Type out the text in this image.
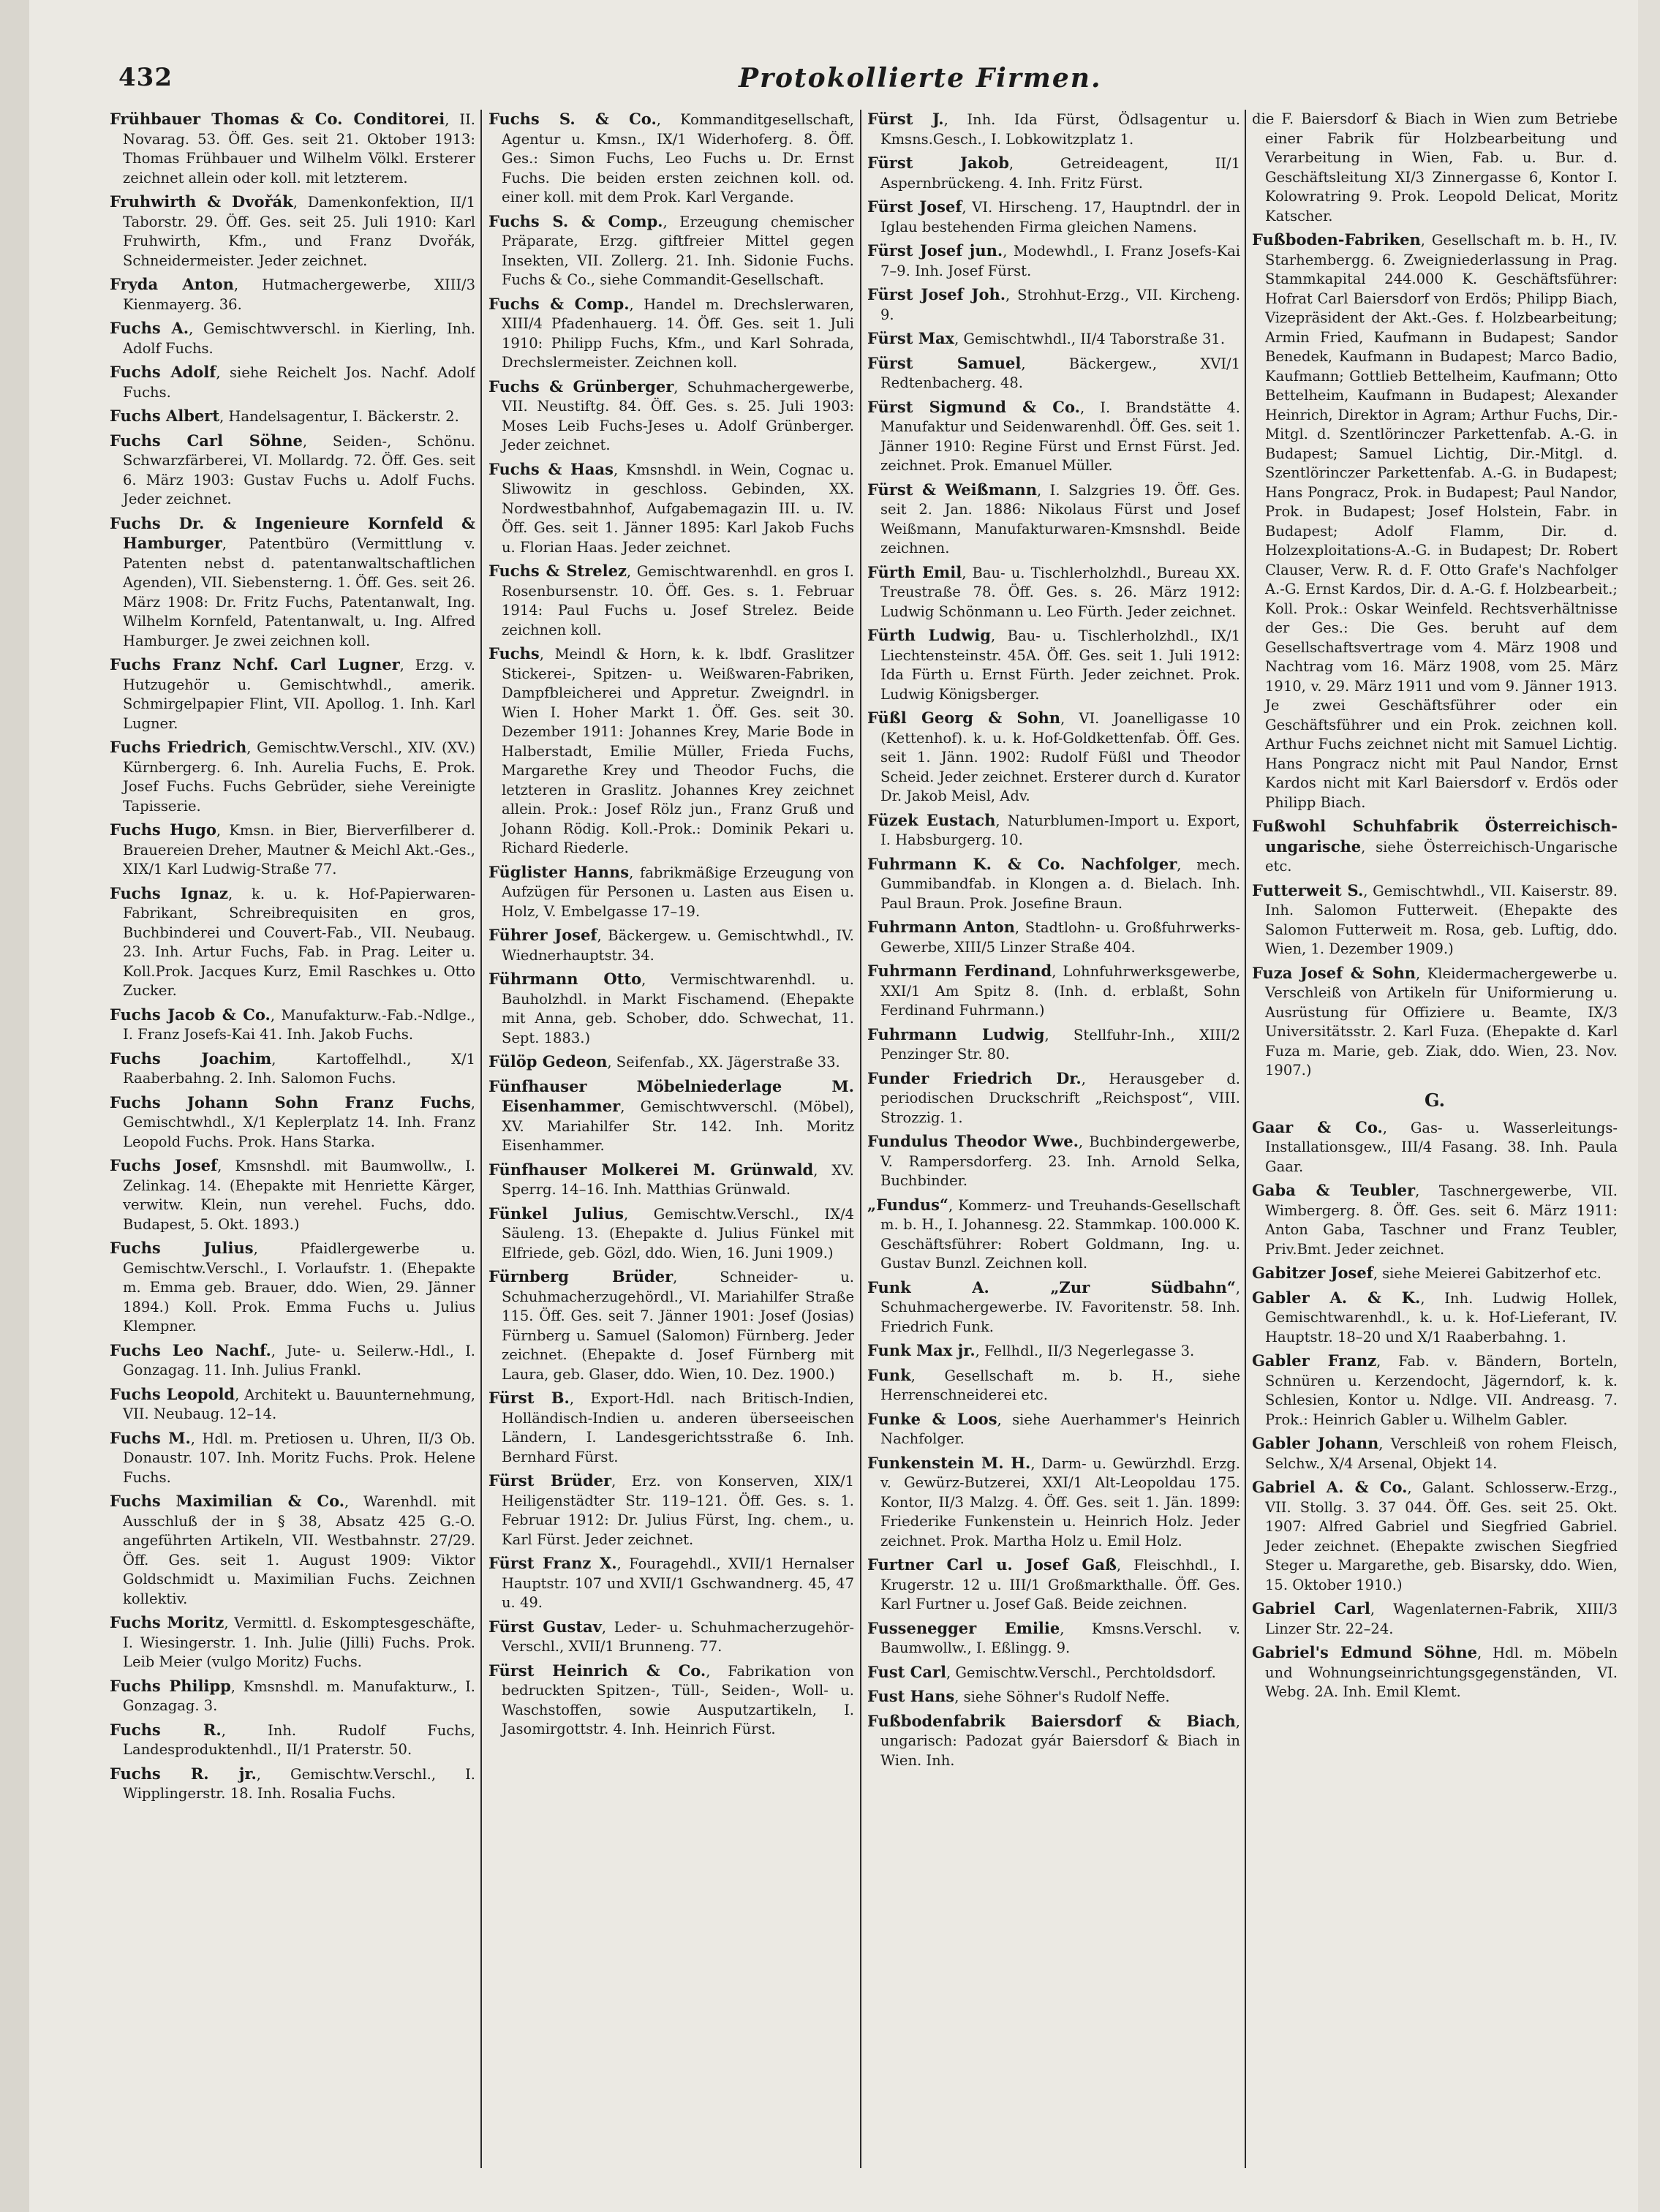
432	Protokollierte Firmen.
Frühbauer Thomas & Co. Conditorei, II. Novarag. 53. Öff. Ges. seit 21. Oktober 1913: Thomas Frühbauer und Wilhelm Völkl. Ersterer zeichnet allein oder koll. mit letzterem.
Fruhwirth & Dvořák, Damenkonfektion, II/1 Taborstr. 29. Öff. Ges. seit 25. Juli 1910: Karl Fruhwirth, Kfm., und Franz Dvořák, Schneidermeister. Jeder zeichnet.
Fryda Anton, Hutmachergewerbe, XIII/3 Kienmayerg. 36.
Fuchs A., Gemischtwverschl. in Kierling, Inh. Adolf Fuchs.
Fuchs Adolf, siehe Reichelt Jos. Nachf. Adolf Fuchs.
Fuchs Albert, Handelsagentur, I. Bäckerstr. 2.
Fuchs Carl Söhne, Seiden-, Schönu. Schwarzfärberei, VI. Mollardg. 72. Öff. Ges. seit 6. März 1903: Gustav Fuchs u. Adolf Fuchs. Jeder zeichnet.
Fuchs Dr. & Ingenieure Kornfeld & Hamburger, Patentbüro (Vermittlung v. Patenten nebst d. patentanwaltschaftlichen Agenden), VII. Siebensterng. 1. Öff. Ges. seit 26. März 1908: Dr. Fritz Fuchs, Patentanwalt, Ing. Wilhelm Kornfeld, Patentanwalt, u. Ing. Alfred Hamburger. Je zwei zeichnen koll.
Fuchs Franz Nchf. Carl Lugner, Erzg. v. Hutzugehör u. Gemischtwhdl., amerik. Schmirgelpapier Flint, VII. Apollog. 1. Inh. Karl Lugner.
Fuchs Friedrich, Gemischtw.Verschl., XIV. (XV.) Kürnbergerg. 6. Inh. Aurelia Fuchs, E. Prok. Josef Fuchs. Fuchs Gebrüder, siehe Vereinigte Tapisserie.
Fuchs Hugo, Kmsn. in Bier, Bierverfilberer d. Brauereien Dreher, Mautner & Meichl Akt.-Ges., XIX/1 Karl Ludwig-Straße 77.
Fuchs Ignaz, k. u. k. Hof-Papierwaren-Fabrikant, Schreibrequisiten en gros, Buchbinderei und Couvert-Fab., VII. Neubaug. 23. Inh. Artur Fuchs, Fab. in Prag. Leiter u. Koll.Prok. Jacques Kurz, Emil Raschkes u. Otto Zucker.
Fuchs Jacob & Co., Manufakturw.-Fab.-Ndlge., I. Franz Josefs-Kai 41. Inh. Jakob Fuchs.
Fuchs Joachim, Kartoffelhdl., X/1 Raaberbahng. 2. Inh. Salomon Fuchs.
Fuchs Johann Sohn Franz Fuchs, Gemischtwhdl., X/1 Keplerplatz 14. Inh. Franz Leopold Fuchs. Prok. Hans Starka.
Fuchs Josef, Kmsnshdl. mit Baumwollw., I. Zelinkag. 14. (Ehepakte mit Henriette Kärger, verwitw. Klein, nun verehel. Fuchs, ddo. Budapest, 5. Okt. 1893.)
Fuchs Julius, Pfaidlergewerbe u. Gemischtw.Verschl., I. Vorlaufstr. 1. (Ehepakte m. Emma geb. Brauer, ddo. Wien, 29. Jänner 1894.) Koll. Prok. Emma Fuchs u. Julius Klempner.
Fuchs Leo Nachf., Jute- u. Seilerw.-Hdl., I. Gonzagag. 11. Inh. Julius Frankl.
Fuchs Leopold, Architekt u. Bauunternehmung, VII. Neubaug. 12–14.
Fuchs M., Hdl. m. Pretiosen u. Uhren, II/3 Ob. Donaustr. 107. Inh. Moritz Fuchs. Prok. Helene Fuchs.
Fuchs Maximilian & Co., Warenhdl. mit Ausschluß der in § 38, Absatz 425 G.-O. angeführten Artikeln, VII. Westbahnstr. 27/29. Öff. Ges. seit 1. August 1909: Viktor Goldschmidt u. Maximilian Fuchs. Zeichnen kollektiv.
Fuchs Moritz, Vermittl. d. Eskomptesgeschäfte, I. Wiesingerstr. 1. Inh. Julie (Jilli) Fuchs. Prok. Leib Meier (vulgo Moritz) Fuchs.
Fuchs Philipp, Kmsnshdl. m. Manufakturw., I. Gonzagag. 3.
Fuchs R., Inh. Rudolf Fuchs, Landesproduktenhdl., II/1 Praterstr. 50.
Fuchs R. jr., Gemischtw.Verschl., I. Wipplingerstr. 18. Inh. Rosalia Fuchs.
Fuchs S. & Co., Kommanditgesellschaft, Agentur u. Kmsn., IX/1 Widerhoferg. 8. Öff. Ges.: Simon Fuchs, Leo Fuchs u. Dr. Ernst Fuchs. Die beiden ersten zeichnen koll. od. einer koll. mit dem Prok. Karl Vergande.
Fuchs S. & Comp., Erzeugung chemischer Präparate, Erzg. giftfreier Mittel gegen Insekten, VII. Zollerg. 21. Inh. Sidonie Fuchs. Fuchs & Co., siehe Commandit-Gesellschaft.
Fuchs & Comp., Handel m. Drechslerwaren, XIII/4 Pfadenhauerg. 14. Öff. Ges. seit 1. Juli 1910: Philipp Fuchs, Kfm., und Karl Sohrada, Drechslermeister. Zeichnen koll.
Fuchs & Grünberger, Schuhmachergewerbe, VII. Neustiftg. 84. Öff. Ges. s. 25. Juli 1903: Moses Leib Fuchs-Jeses u. Adolf Grünberger. Jeder zeichnet.
Fuchs & Haas, Kmsnshdl. in Wein, Cognac u. Sliwowitz in geschloss. Gebinden, XX. Nordwestbahnhof, Aufgabemagazin III. u. IV. Öff. Ges. seit 1. Jänner 1895: Karl Jakob Fuchs u. Florian Haas. Jeder zeichnet.
Fuchs & Strelez, Gemischtwarenhdl. en gros I. Rosenbursenstr. 10. Öff. Ges. s. 1. Februar 1914: Paul Fuchs u. Josef Strelez. Beide zeichnen koll.
Fuchs, Meindl & Horn, k. k. lbdf. Graslitzer Stickerei-, Spitzen- u. Weißwaren-Fabriken, Dampfbleicherei und Appretur. Zweigndrl. in Wien I. Hoher Markt 1. Öff. Ges. seit 30. Dezember 1911: Johannes Krey, Marie Bode in Halberstadt, Emilie Müller, Frieda Fuchs, Margarethe Krey und Theodor Fuchs, die letzteren in Graslitz. Johannes Krey zeichnet allein. Prok.: Josef Rölz jun., Franz Gruß und Johann Rödig. Koll.-Prok.: Dominik Pekari u. Richard Riederle.
Füglister Hanns, fabrikmäßige Erzeugung von Aufzügen für Personen u. Lasten aus Eisen u. Holz, V. Embelgasse 17–19.
Führer Josef, Bäckergew. u. Gemischtwhdl., IV. Wiednerhauptstr. 34.
Führmann Otto, Vermischtwarenhdl. u. Bauholzhdl. in Markt Fischamend. (Ehepakte mit Anna, geb. Schober, ddo. Schwechat, 11. Sept. 1883.)
Fülöp Gedeon, Seifenfab., XX. Jägerstraße 33.
Fünfhauser Möbelniederlage M. Eisenhammer, Gemischtwverschl. (Möbel), XV. Mariahilfer Str. 142. Inh. Moritz Eisenhammer.
Fünfhauser Molkerei M. Grünwald, XV. Sperrg. 14–16. Inh. Matthias Grünwald.
Fünkel Julius, Gemischtw.Verschl., IX/4 Säuleng. 13. (Ehepakte d. Julius Fünkel mit Elfriede, geb. Gözl, ddo. Wien, 16. Juni 1909.)
Fürnberg Brüder, Schneider- u. Schuhmacherzugehördl., VI. Mariahilfer Straße 115. Öff. Ges. seit 7. Jänner 1901: Josef (Josias) Fürnberg u. Samuel (Salomon) Fürnberg. Jeder zeichnet. (Ehepakte d. Josef Fürnberg mit Laura, geb. Glaser, ddo. Wien, 10. Dez. 1900.)
Fürst B., Export-Hdl. nach Britisch-Indien, Holländisch-Indien u. anderen überseeischen Ländern, I. Landesgerichtsstraße 6. Inh. Bernhard Fürst.
Fürst Brüder, Erz. von Konserven, XIX/1 Heiligenstädter Str. 119–121. Öff. Ges. s. 1. Februar 1912: Dr. Julius Fürst, Ing. chem., u. Karl Fürst. Jeder zeichnet.
Fürst Franz X., Fouragehdl., XVII/1 Hernalser Hauptstr. 107 und XVII/1 Gschwandnerg. 45, 47 u. 49.
Fürst Gustav, Leder- u. Schuhmacherzugehör-Verschl., XVII/1 Brunneng. 77.
Fürst Heinrich & Co., Fabrikation von bedruckten Spitzen-, Tüll-, Seiden-, Woll- u. Waschstoffen, sowie Ausputzartikeln, I. Jasomirgottstr. 4. Inh. Heinrich Fürst.
Fürst J., Inh. Ida Fürst, Ödlsagentur u. Kmsns.Gesch., I. Lobkowitzplatz 1.
Fürst Jakob, Getreideagent, II/1 Aspernbrückeng. 4. Inh. Fritz Fürst.
Fürst Josef, VI. Hirscheng. 17, Hauptndrl. der in Iglau bestehenden Firma gleichen Namens.
Fürst Josef jun., Modewhdl., I. Franz Josefs-Kai 7–9. Inh. Josef Fürst.
Fürst Josef Joh., Strohhut-Erzg., VII. Kircheng. 9.
Fürst Max, Gemischtwhdl., II/4 Taborstraße 31.
Fürst Samuel, Bäckergew., XVI/1 Redtenbacherg. 48.
Fürst Sigmund & Co., I. Brandstätte 4. Manufaktur und Seidenwarenhdl. Öff. Ges. seit 1. Jänner 1910: Regine Fürst und Ernst Fürst. Jed. zeichnet. Prok. Emanuel Müller.
Fürst & Weißmann, I. Salzgries 19. Öff. Ges. seit 2. Jan. 1886: Nikolaus Fürst und Josef Weißmann, Manufakturwaren-Kmsnshdl. Beide zeichnen.
Fürth Emil, Bau- u. Tischlerholzhdl., Bureau XX. Treustraße 78. Öff. Ges. s. 26. März 1912: Ludwig Schönmann u. Leo Fürth. Jeder zeichnet.
Fürth Ludwig, Bau- u. Tischlerholzhdl., IX/1 Liechtensteinstr. 45A. Öff. Ges. seit 1. Juli 1912: Ida Fürth u. Ernst Fürth. Jeder zeichnet. Prok. Ludwig Königsberger.
Füßl Georg & Sohn, VI. Joanelligasse 10 (Kettenhof). k. u. k. Hof-Goldkettenfab. Öff. Ges. seit 1. Jänn. 1902: Rudolf Füßl und Theodor Scheid. Jeder zeichnet. Ersterer durch d. Kurator Dr. Jakob Meisl, Adv.
Füzek Eustach, Naturblumen-Import u. Export, I. Habsburgerg. 10.
Fuhrmann K. & Co. Nachfolger, mech. Gummibandfab. in Klongen a. d. Bielach. Inh. Paul Braun. Prok. Josefine Braun.
Fuhrmann Anton, Stadtlohn- u. Großfuhrwerks-Gewerbe, XIII/5 Linzer Straße 404.
Fuhrmann Ferdinand, Lohnfuhrwerksgewerbe, XXI/1 Am Spitz 8. (Inh. d. erblaßt, Sohn Ferdinand Fuhrmann.)
Fuhrmann Ludwig, Stellfuhr-Inh., XIII/2 Penzinger Str. 80.
Funder Friedrich Dr., Herausgeber d. periodischen Druckschrift „Reichspost“, VIII. Strozzig. 1.
Fundulus Theodor Wwe., Buchbindergewerbe, V. Rampersdorferg. 23. Inh. Arnold Selka, Buchbinder.
„Fundus“, Kommerz- und Treuhands-Gesellschaft m. b. H., I. Johannesg. 22. Stammkap. 100.000 K. Geschäftsführer: Robert Goldmann, Ing. u. Gustav Bunzl. Zeichnen koll.
Funk A. „Zur Südbahn“, Schuhmachergewerbe. IV. Favoritenstr. 58. Inh. Friedrich Funk.
Funk Max jr., Fellhdl., II/3 Negerlegasse 3.
Funk, Gesellschaft m. b. H., siehe Herrenschneiderei etc.
Funke & Loos, siehe Auerhammer's Heinrich Nachfolger.
Funkenstein M. H., Darm- u. Gewürzhdl. Erzg. v. Gewürz-Butzerei, XXI/1 Alt-Leopoldau 175. Kontor, II/3 Malzg. 4. Öff. Ges. seit 1. Jän. 1899: Friederike Funkenstein u. Heinrich Holz. Jeder zeichnet. Prok. Martha Holz u. Emil Holz.
Furtner Carl u. Josef Gaß, Fleischhdl., I. Krugerstr. 12 u. III/1 Großmarkthalle. Öff. Ges. Karl Furtner u. Josef Gaß. Beide zeichnen.
Fussenegger Emilie, Kmsns.Verschl. v. Baumwollw., I. Eßlingg. 9.
Fust Carl, Gemischtw.Verschl., Perchtoldsdorf.
Fust Hans, siehe Söhner's Rudolf Neffe.
Fußbodenfabrik Baiersdorf & Biach, ungarisch: Padozat gyár Baiersdorf & Biach in Wien. Inh.
die F. Baiersdorf & Biach in Wien zum Betriebe einer Fabrik für Holzbearbeitung und Verarbeitung in Wien, Fab. u. Bur. d. Geschäftsleitung XI/3 Zinnergasse 6, Kontor I. Kolowratring 9. Prok. Leopold Delicat, Moritz Katscher.
Fußboden-Fabriken, Gesellschaft m. b. H., IV. Starhembergg. 6. Zweigniederlassung in Prag. Stammkapital 244.000 K. Geschäftsführer: Hofrat Carl Baiersdorf von Erdös; Philipp Biach, Vizepräsident der Akt.-Ges. f. Holzbearbeitung; Armin Fried, Kaufmann in Budapest; Sandor Benedek, Kaufmann in Budapest; Marco Badio, Kaufmann; Gottlieb Bettelheim, Kaufmann; Otto Bettelheim, Kaufmann in Budapest; Alexander Heinrich, Direktor in Agram; Arthur Fuchs, Dir.-Mitgl. d. Szentlörinczer Parkettenfab. A.-G. in Budapest; Samuel Lichtig, Dir.-Mitgl. d. Szentlörinczer Parkettenfab. A.-G. in Budapest; Hans Pongracz, Prok. in Budapest; Paul Nandor, Prok. in Budapest; Josef Holstein, Fabr. in Budapest; Adolf Flamm, Dir. d. Holzexploitations-A.-G. in Budapest; Dr. Robert Clauser, Verw. R. d. F. Otto Grafe's Nachfolger A.-G. Ernst Kardos, Dir. d. A.-G. f. Holzbearbeit.; Koll. Prok.: Oskar Weinfeld. Rechtsverhältnisse der Ges.: Die Ges. beruht auf dem Gesellschaftsvertrage vom 4. März 1908 und Nachtrag vom 16. März 1908, vom 25. März 1910, v. 29. März 1911 und vom 9. Jänner 1913. Je zwei Geschäftsführer oder ein Geschäftsführer und ein Prok. zeichnen koll. Arthur Fuchs zeichnet nicht mit Samuel Lichtig. Hans Pongracz nicht mit Paul Nandor, Ernst Kardos nicht mit Karl Baiersdorf v. Erdös oder Philipp Biach.
Fußwohl Schuhfabrik Österreichisch-ungarische, siehe Österreichisch-Ungarische etc.
Futterweit S., Gemischtwhdl., VII. Kaiserstr. 89. Inh. Salomon Futterweit. (Ehepakte des Salomon Futterweit m. Rosa, geb. Luftig, ddo. Wien, 1. Dezember 1909.)
Fuza Josef & Sohn, Kleidermachergewerbe u. Verschleiß von Artikeln für Uniformierung u. Ausrüstung für Offiziere u. Beamte, IX/3 Universitätsstr. 2. Karl Fuza. (Ehepakte d. Karl Fuza m. Marie, geb. Ziak, ddo. Wien, 23. Nov. 1907.)
G.
Gaar & Co., Gas- u. Wasserleitungs-Installationsgew., III/4 Fasang. 38. Inh. Paula Gaar.
Gaba & Teubler, Taschnergewerbe, VII. Wimbergerg. 8. Öff. Ges. seit 6. März 1911: Anton Gaba, Taschner und Franz Teubler, Priv.Bmt. Jeder zeichnet.
Gabitzer Josef, siehe Meierei Gabitzerhof etc.
Gabler A. & K., Inh. Ludwig Hollek, Gemischtwarenhdl., k. u. k. Hof-Lieferant, IV. Hauptstr. 18–20 und X/1 Raaberbahng. 1.
Gabler Franz, Fab. v. Bändern, Borteln, Schnüren u. Kerzendocht, Jägerndorf, k. k. Schlesien, Kontor u. Ndlge. VII. Andreasg. 7. Prok.: Heinrich Gabler u. Wilhelm Gabler.
Gabler Johann, Verschleiß von rohem Fleisch, Selchw., X/4 Arsenal, Objekt 14.
Gabriel A. & Co., Galant. Schlosserw.-Erzg., VII. Stollg. 3. 37 044. Öff. Ges. seit 25. Okt. 1907: Alfred Gabriel und Siegfried Gabriel. Jeder zeichnet. (Ehepakte zwischen Siegfried Steger u. Margarethe, geb. Bisarsky, ddo. Wien, 15. Oktober 1910.)
Gabriel Carl, Wagenlaternen-Fabrik, XIII/3 Linzer Str. 22–24.
Gabriel's Edmund Söhne, Hdl. m. Möbeln und Wohnungseinrichtungsgegenständen, VI. Webg. 2A. Inh. Emil Klemt.
